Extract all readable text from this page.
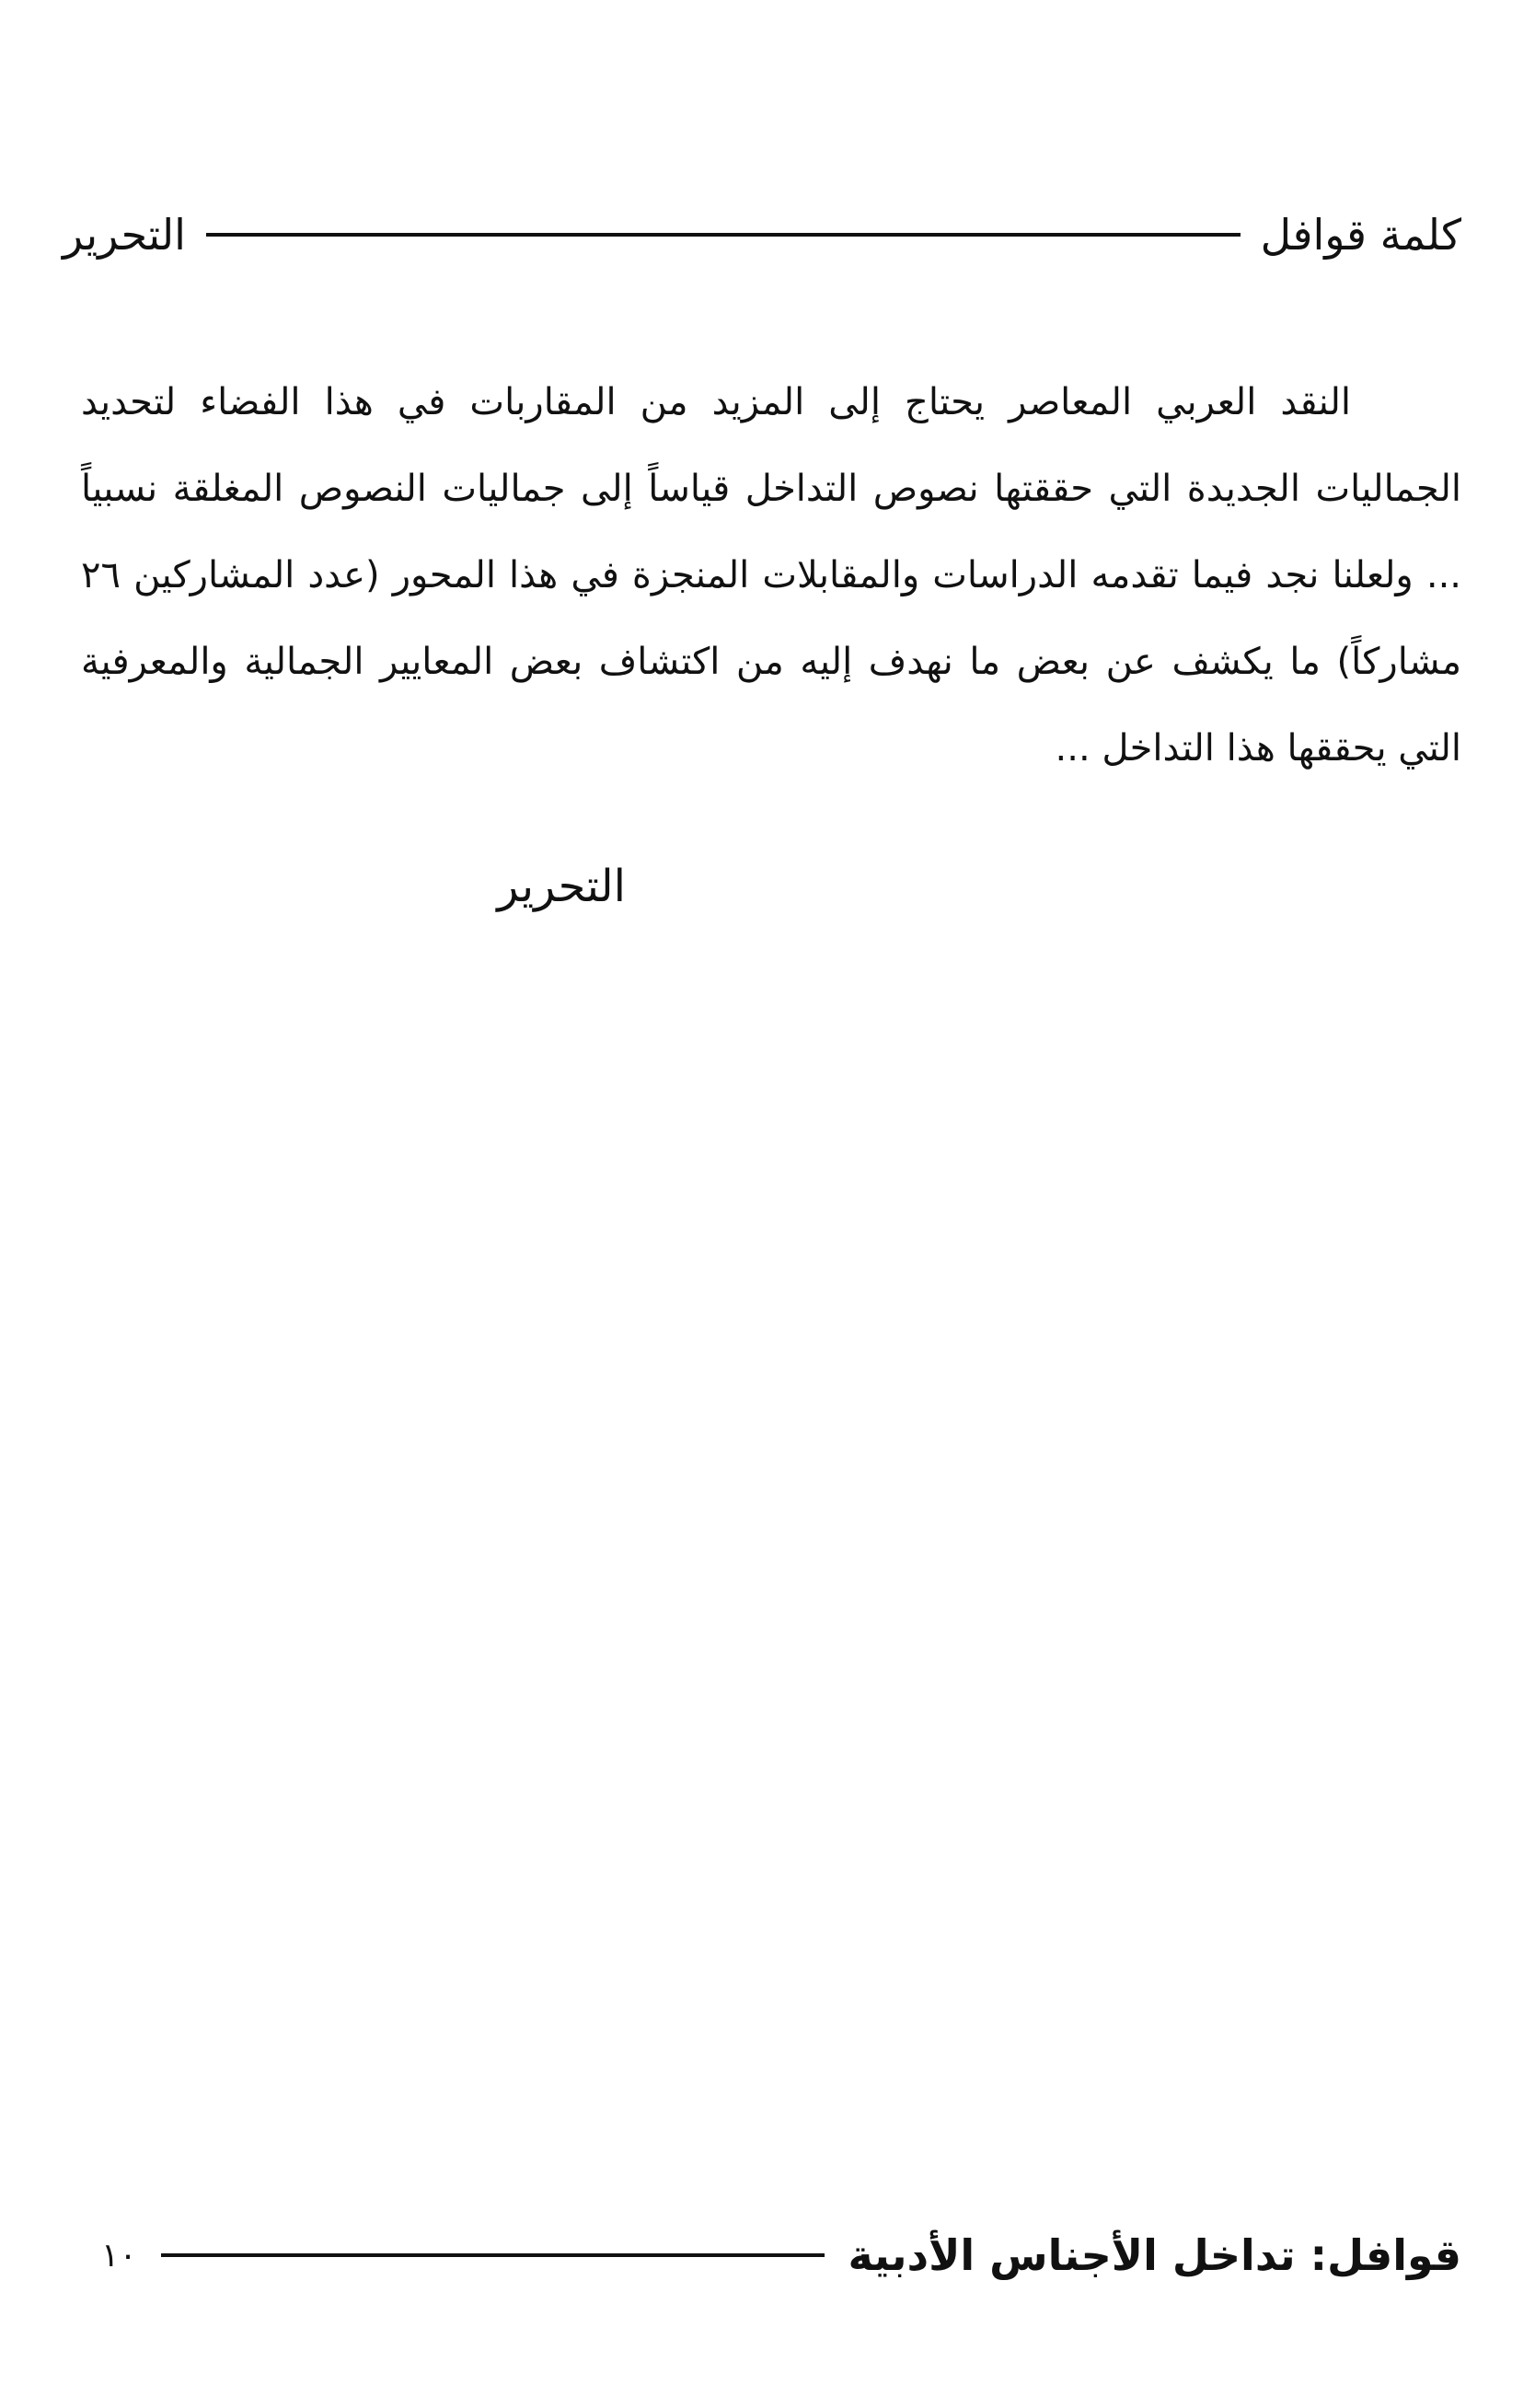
كلمة قوافل
التحرير

النقد العربي المعاصر يحتاج إلى المزيد من المقاربات في هذا الفضاء لتحديد الجماليات الجديدة التي حققتها نصوص التداخل قياساً إلى جماليات النصوص المغلقة نسبياً ... ولعلنا نجد فيما تقدمه الدراسات والمقابلات المنجزة في هذا المحور (عدد المشاركين ٢٦ مشاركاً) ما يكشف عن بعض ما نهدف إليه من اكتشاف بعض المعايير الجمالية والمعرفية التي يحققها هذا التداخل ...

التحرير
قوافل: تداخل الأجناس الأدبية
١٠
